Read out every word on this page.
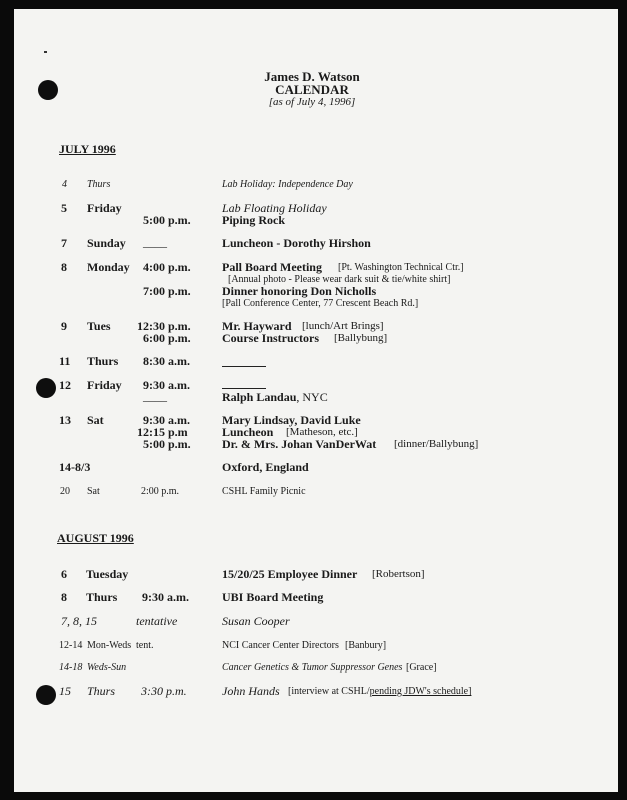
James D. Watson
CALENDAR
[as of July 4, 1996]
JULY 1996
4 Thurs	Lab Holiday: Independence Day
5 Friday	Lab Floating Holiday
5:00 p.m.	Piping Rock
7 Sunday ____	Luncheon - Dorothy Hirshon
8 Monday 4:00 p.m.	Pall Board Meeting [Pt. Washington Technical Ctr.]
[Annual photo - Please wear dark suit & tie/white shirt]
7:00 p.m.	Dinner honoring Don Nicholls
[Pall Conference Center, 77 Crescent Beach Rd.]
9 Tues 12:30 p.m.	Mr. Hayward [lunch/Art Brings]
6:00 p.m.	Course Instructors [Ballybung]
11 Thurs 8:30 a.m.
12 Friday 9:30 a.m.
____	Ralph Landau, NYC
13 Sat	9:30 a.m.	Mary Lindsay, David Luke
12:15 p.m	Luncheon [Matheson, etc.]
5:00 p.m.	Dr. & Mrs. Johan VanDerWat [dinner/Ballybung]
14-8/3	Oxford, England
20 Sat	2:00 p.m.	CSHL Family Picnic
AUGUST 1996
6 Tuesday	15/20/25 Employee Dinner [Robertson]
8 Thurs 9:30 a.m.	UBI Board Meeting
7, 8, 15	tentative	Susan Cooper
12-14 Mon-Weds tent.	NCI Cancer Center Directors [Banbury]
14-18 Weds-Sun	Cancer Genetics & Tumor Suppressor Genes [Grace]
15 Thurs 3:30 p.m.	John Hands [interview at CSHL/pending JDW's schedule]
